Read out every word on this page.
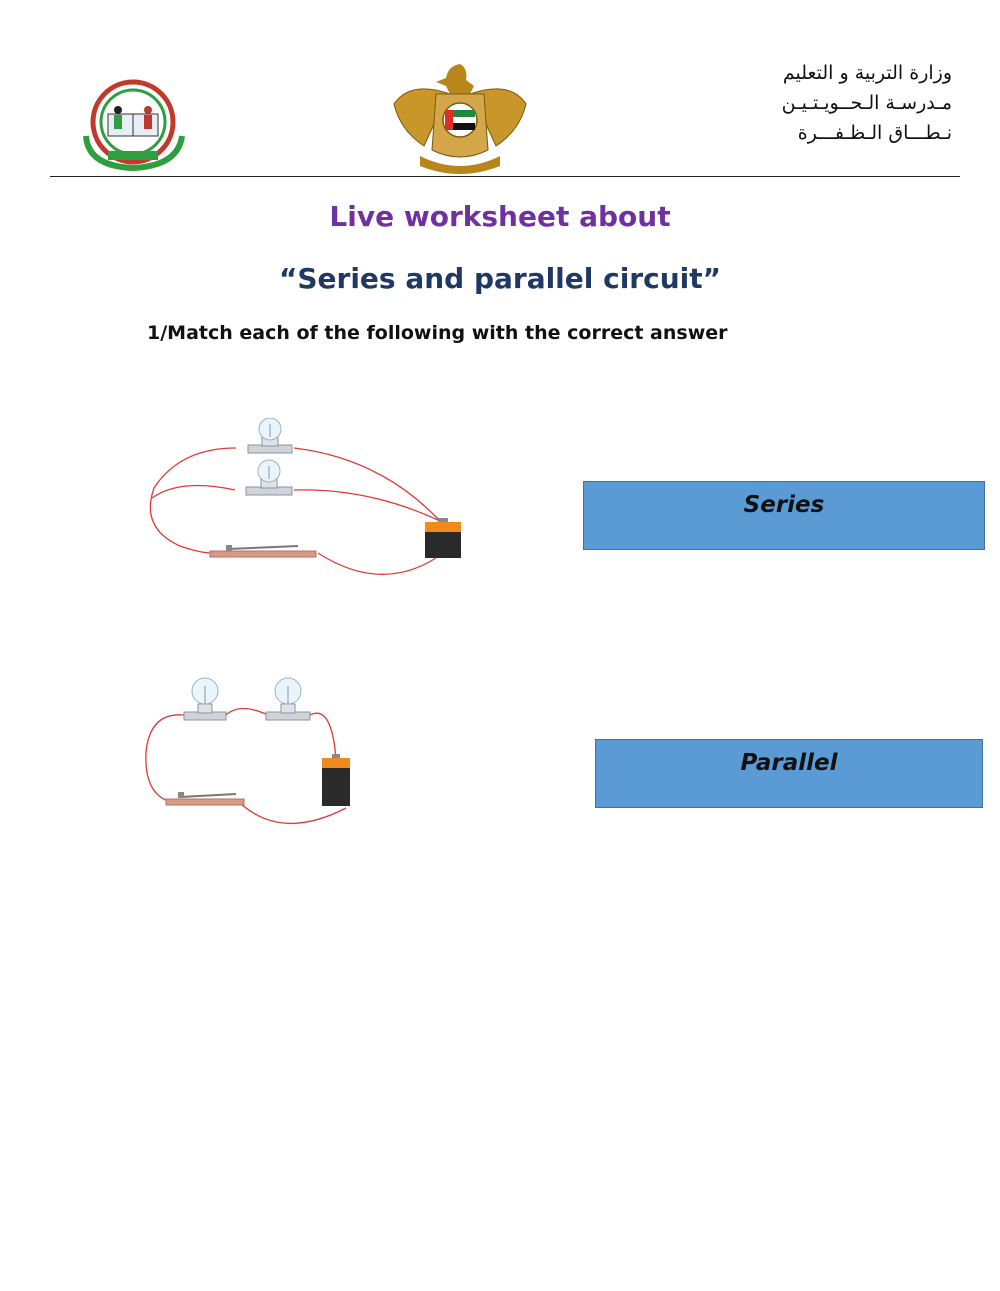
وزارة التربية و التعليم
مـدرسـة الـحــويـتـيـن
نـطـــاق الـظـفـــرة
Live worksheet about
“Series and parallel circuit”
1/Match each of the following with the correct answer
Series
Parallel
